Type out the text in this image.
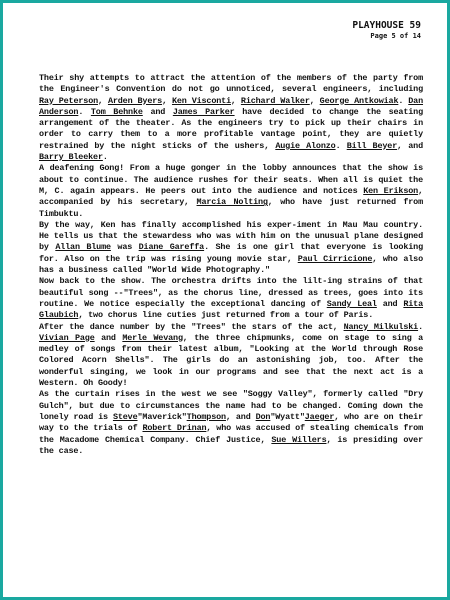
PLAYHOUSE 59
Page 5 of 14

Their shy attempts to attract the attention of the members of the party from the Engineer's Convention do not go unnoticed, several engineers, including Ray Peterson, Arden Byers, Ken Visconti, Richard Walker, George Antkowiak. Dan Anderson. Tom Behnke and James Parker have decided to change the seating arrangement of the theater. As the engineers try to pick up their chairs in order to carry them to a more profitable vantage point, they are quietly restrained by the night sticks of the ushers, Augie Alonzo. Bill Beyer, and Barry Bleeker.

A deafening Gong! From a huge gonger in the lobby announces that the show is about to continue. The audience rushes for their seats. When all is quiet the M, C. again appears. He peers out into the audience and notices Ken Erikson, accompanied by his secretary, Marcia Nolting, who have just returned from Timbuktu.

By the way, Ken has finally accomplished his exper-iment in Mau Mau country. He tells us that the stewardess who was with him on the unusual plane designed by Allan Blume was Diane Gareffa. She is one girl that everyone is looking for. Also on the trip was rising young movie star, Paul Cirricione, who also has a business called "World Wide Photography."

Now back to the show. The orchestra drifts into the lilt-ing strains of that beautiful song --"Trees", as the chorus line, dressed as trees, goes into its routine. We notice especially the exceptional dancing of Sandy Leal and Rita Glaubich, two chorus line cuties just returned from a tour of Paris.

After the dance number by the "Trees" the stars of the act, Nancy Milkulski. Vivian Page and Merle Wevang, the three chipmunks, come on stage to sing a medley of songs from their latest album, "Looking at the World through Rose Colored Acorn Shells". The girls do an astonishing job, too. After the wonderful singing, we look in our programs and see that the next act is a Western. Oh Goody!

As the curtain rises in the west we see "Soggy Valley", formerly called "Dry Gulch", but due to circumstances the name had to be changed. Coming down the lonely road is Steve"Maverick"Thompson, and Don"Wyatt"Jaeger, who are on their way to the trials of Robert Drinan, who was accused of stealing chemicals from the Macadome Chemical Company. Chief Justice, Sue Willers, is presiding over the case.
